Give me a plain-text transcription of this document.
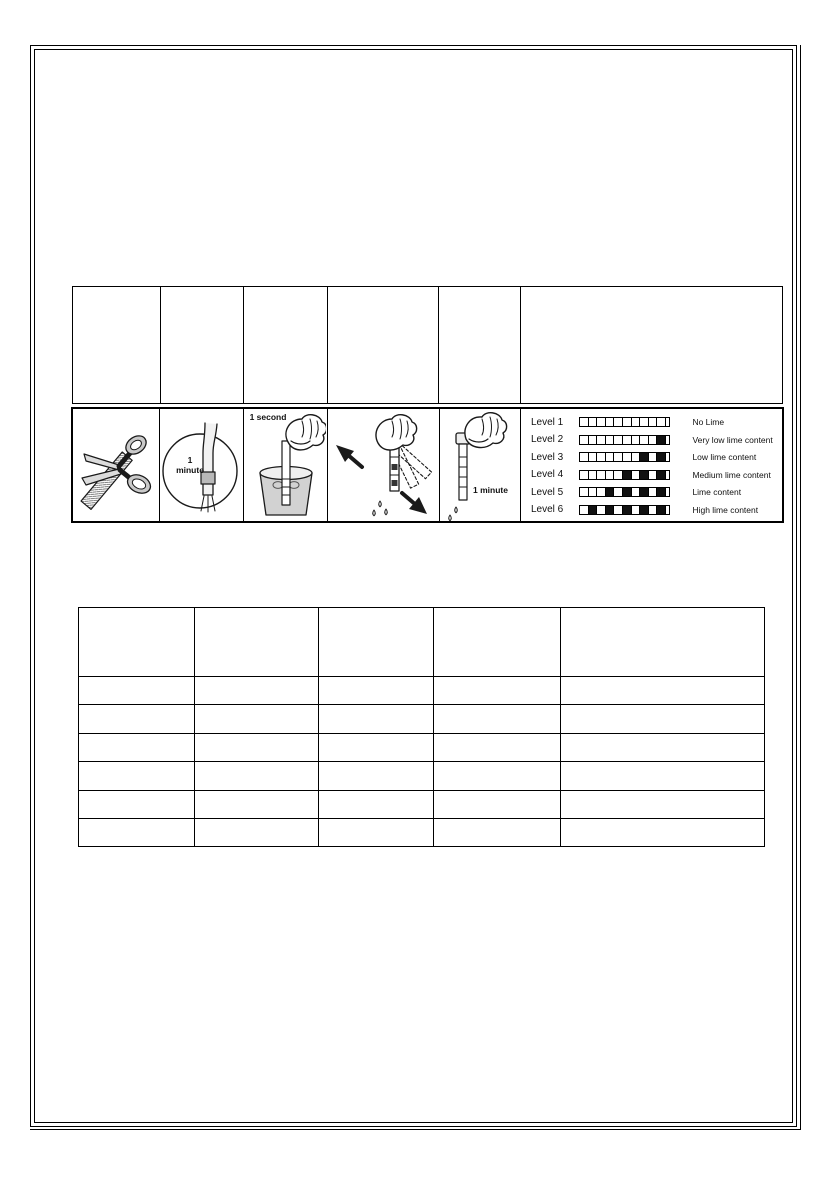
1 minute
1 second
1 minute
Level 1	No Lime
Level 2	Very low lime content
Level 3	Low lime content
Level 4	Medium lime content
Level 5	Lime content
Level 6	High lime content
